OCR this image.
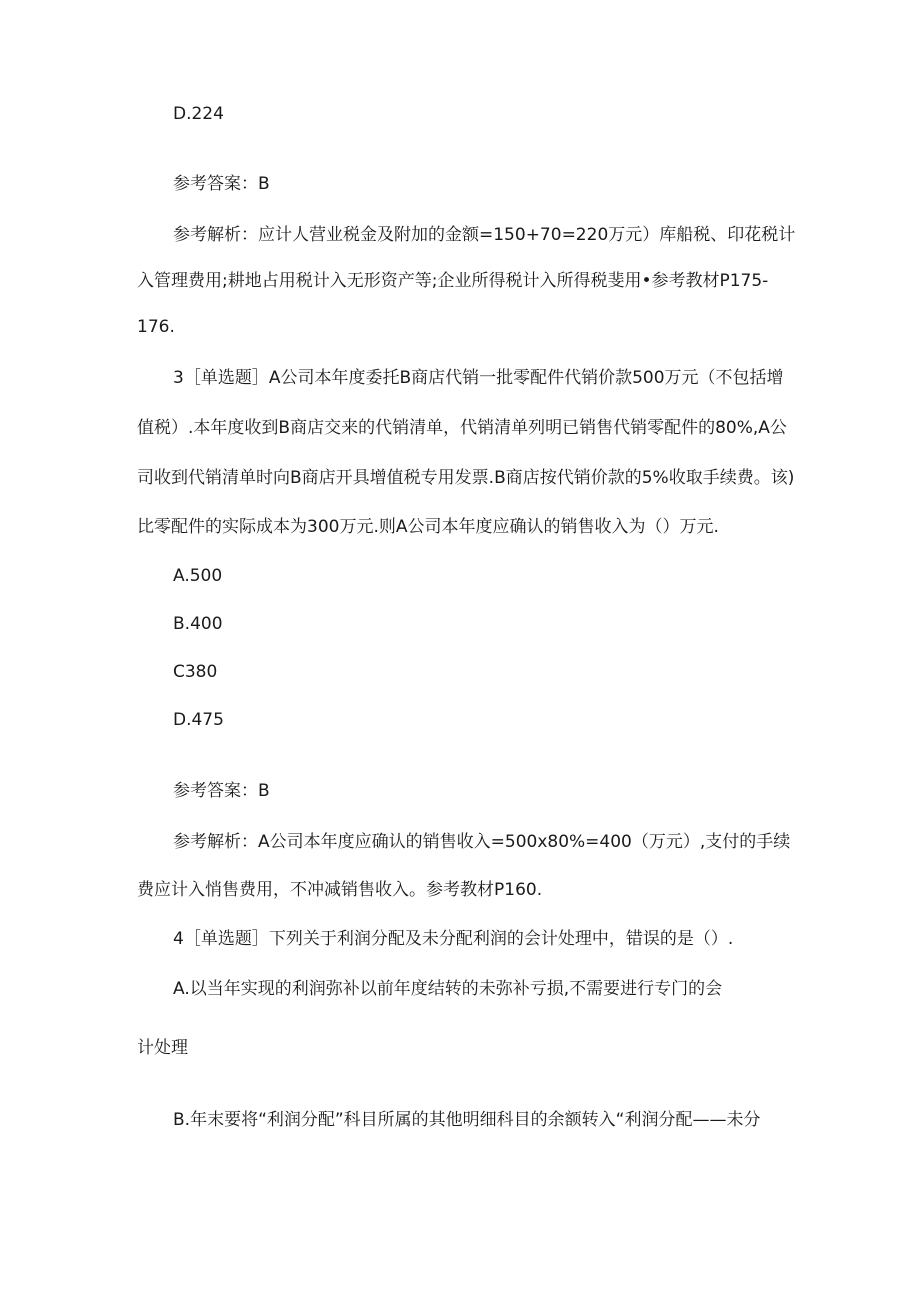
D.224
参考答案：B
参考解析：应计人营业税金及附加的金额=150+70=220万元）库船税、印花税计
入管理费用;耕地占用税计入无形资产等;企业所得税计入所得税斐用•参考教材P175-
176.
3［单选题］A公司本年度委托B商店代销一批零配件代销价款500万元（不包括增
值税）.本年度收到B商店交来的代销清单，代销清单列明已销售代销零配件的80%,A公
司收到代销清单时向B商店开具增值税专用发票.B商店按代销价款的5%收取手续费。该)
比零配件的实际成本为300万元.则A公司本年度应确认的销售收入为（）万元.
A.500
B.400
C380
D.475
参考答案：B
参考解析：A公司本年度应确认的销售收入=500x80%=400（万元）,支付的手续
费应计入悄售费用，不冲减销售收入。参考教材P160.
4［单选题］下列关于利润分配及未分配利润的会计处理中，错误的是（）.
A.以当年实现的利润弥补以前年度结转的未弥补亏损,不需要进行专门的会
计处理
B.年末要将“利润分配”科目所属的其他明细科目的余额转入“利润分配——未分
